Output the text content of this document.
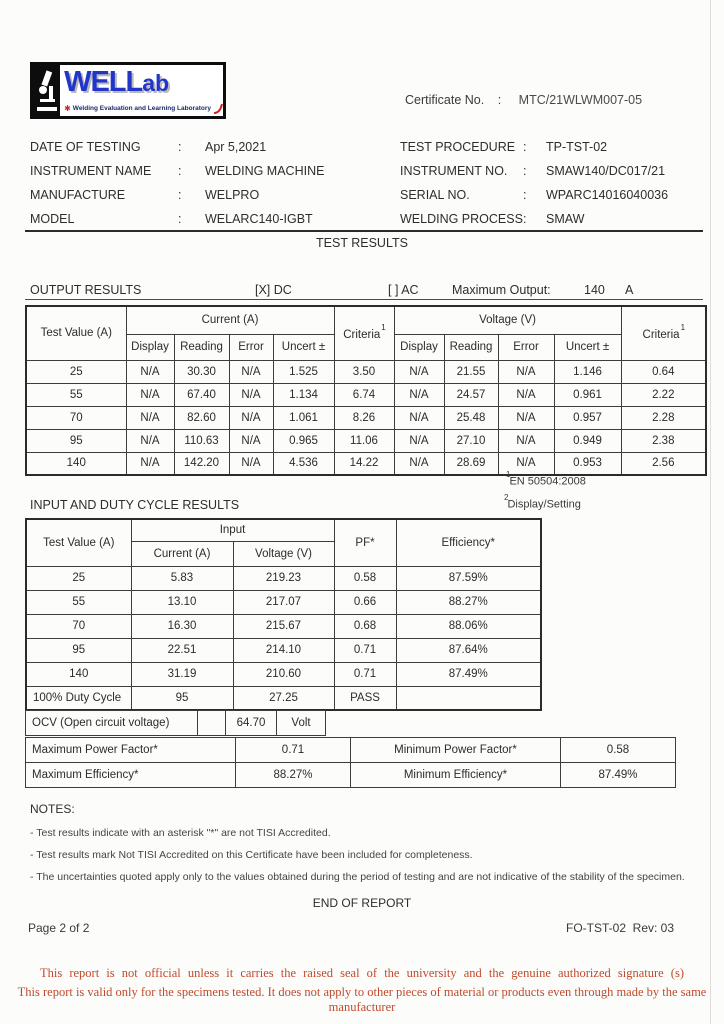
WELLab
✱ Welding Evaluation and Learning Laboratory
Certificate No. : MTC/21WLWM007-05
DATE OF TESTING	: Apr 5,2021
INSTRUMENT NAME : WELDING MACHINE
MANUFACTURE	: WELPRO
MODEL	: WELARC140-IGBT
TEST PROCEDURE : TP-TST-02
INSTRUMENT NO. : SMAW140/DC017/21
SERIAL NO.	: WPARC14016040036
WELDING PROCESS : SMAW
TEST RESULTS
OUTPUT RESULTS	[X] DC	[ ] AC	Maximum Output:	140 A
Test Value (A)	Current (A)				Criteria$^1$	Voltage (V)				Criteria$^1$
	Display	Reading	Error	Uncert ±		Display	Reading	Error	Uncert ±	
25	N/A	30.30	N/A	1.525	3.50	N/A	21.55	N/A	1.146	0.64
55	N/A	67.40	N/A	1.134	6.74	N/A	24.57	N/A	0.961	2.22
70	N/A	82.60	N/A	1.061	8.26	N/A	25.48	N/A	0.957	2.28
95	N/A	110.63	N/A	0.965	11.06	N/A	27.10	N/A	0.949	2.38
140	N/A	142.20	N/A	4.536	14.22	N/A	28.69	N/A	0.953	2.56
$^1$EN 50504:2008
$^2$Display/Setting
INPUT AND DUTY CYCLE RESULTS
Test Value (A)	Input		PF*	Efficiency*
	Current (A)	Voltage (V)		
25	5.83	219.23	0.58	87.59%
55	13.10	217.07	0.66	88.27%
70	16.30	215.67	0.68	88.06%
95	22.51	214.10	0.71	87.64%
140	31.19	210.60	0.71	87.49%
100% Duty Cycle	95	27.25	PASS	
OCV (Open circuit voltage)		64.70	Volt
Maximum Power Factor*	0.71	Minimum Power Factor*	0.58
Maximum Efficiency*	88.27%	Minimum Efficiency*	87.49%
NOTES:
- Test results indicate with an asterisk "*" are not TISI Accredited.
- Test results mark Not TISI Accredited on this Certificate have been included for completeness.
- The uncertainties quoted apply only to the values obtained during the period of testing and are not indicative of the stability of the specimen.
END OF REPORT
Page 2 of 2	FO-TST-02  Rev: 03
This report is not official unless it carries the raised seal of the university and the genuine authorized signature (s)
This report is valid only for the specimens tested. It does not apply to other pieces of material or products even through made by the same manufacturer
